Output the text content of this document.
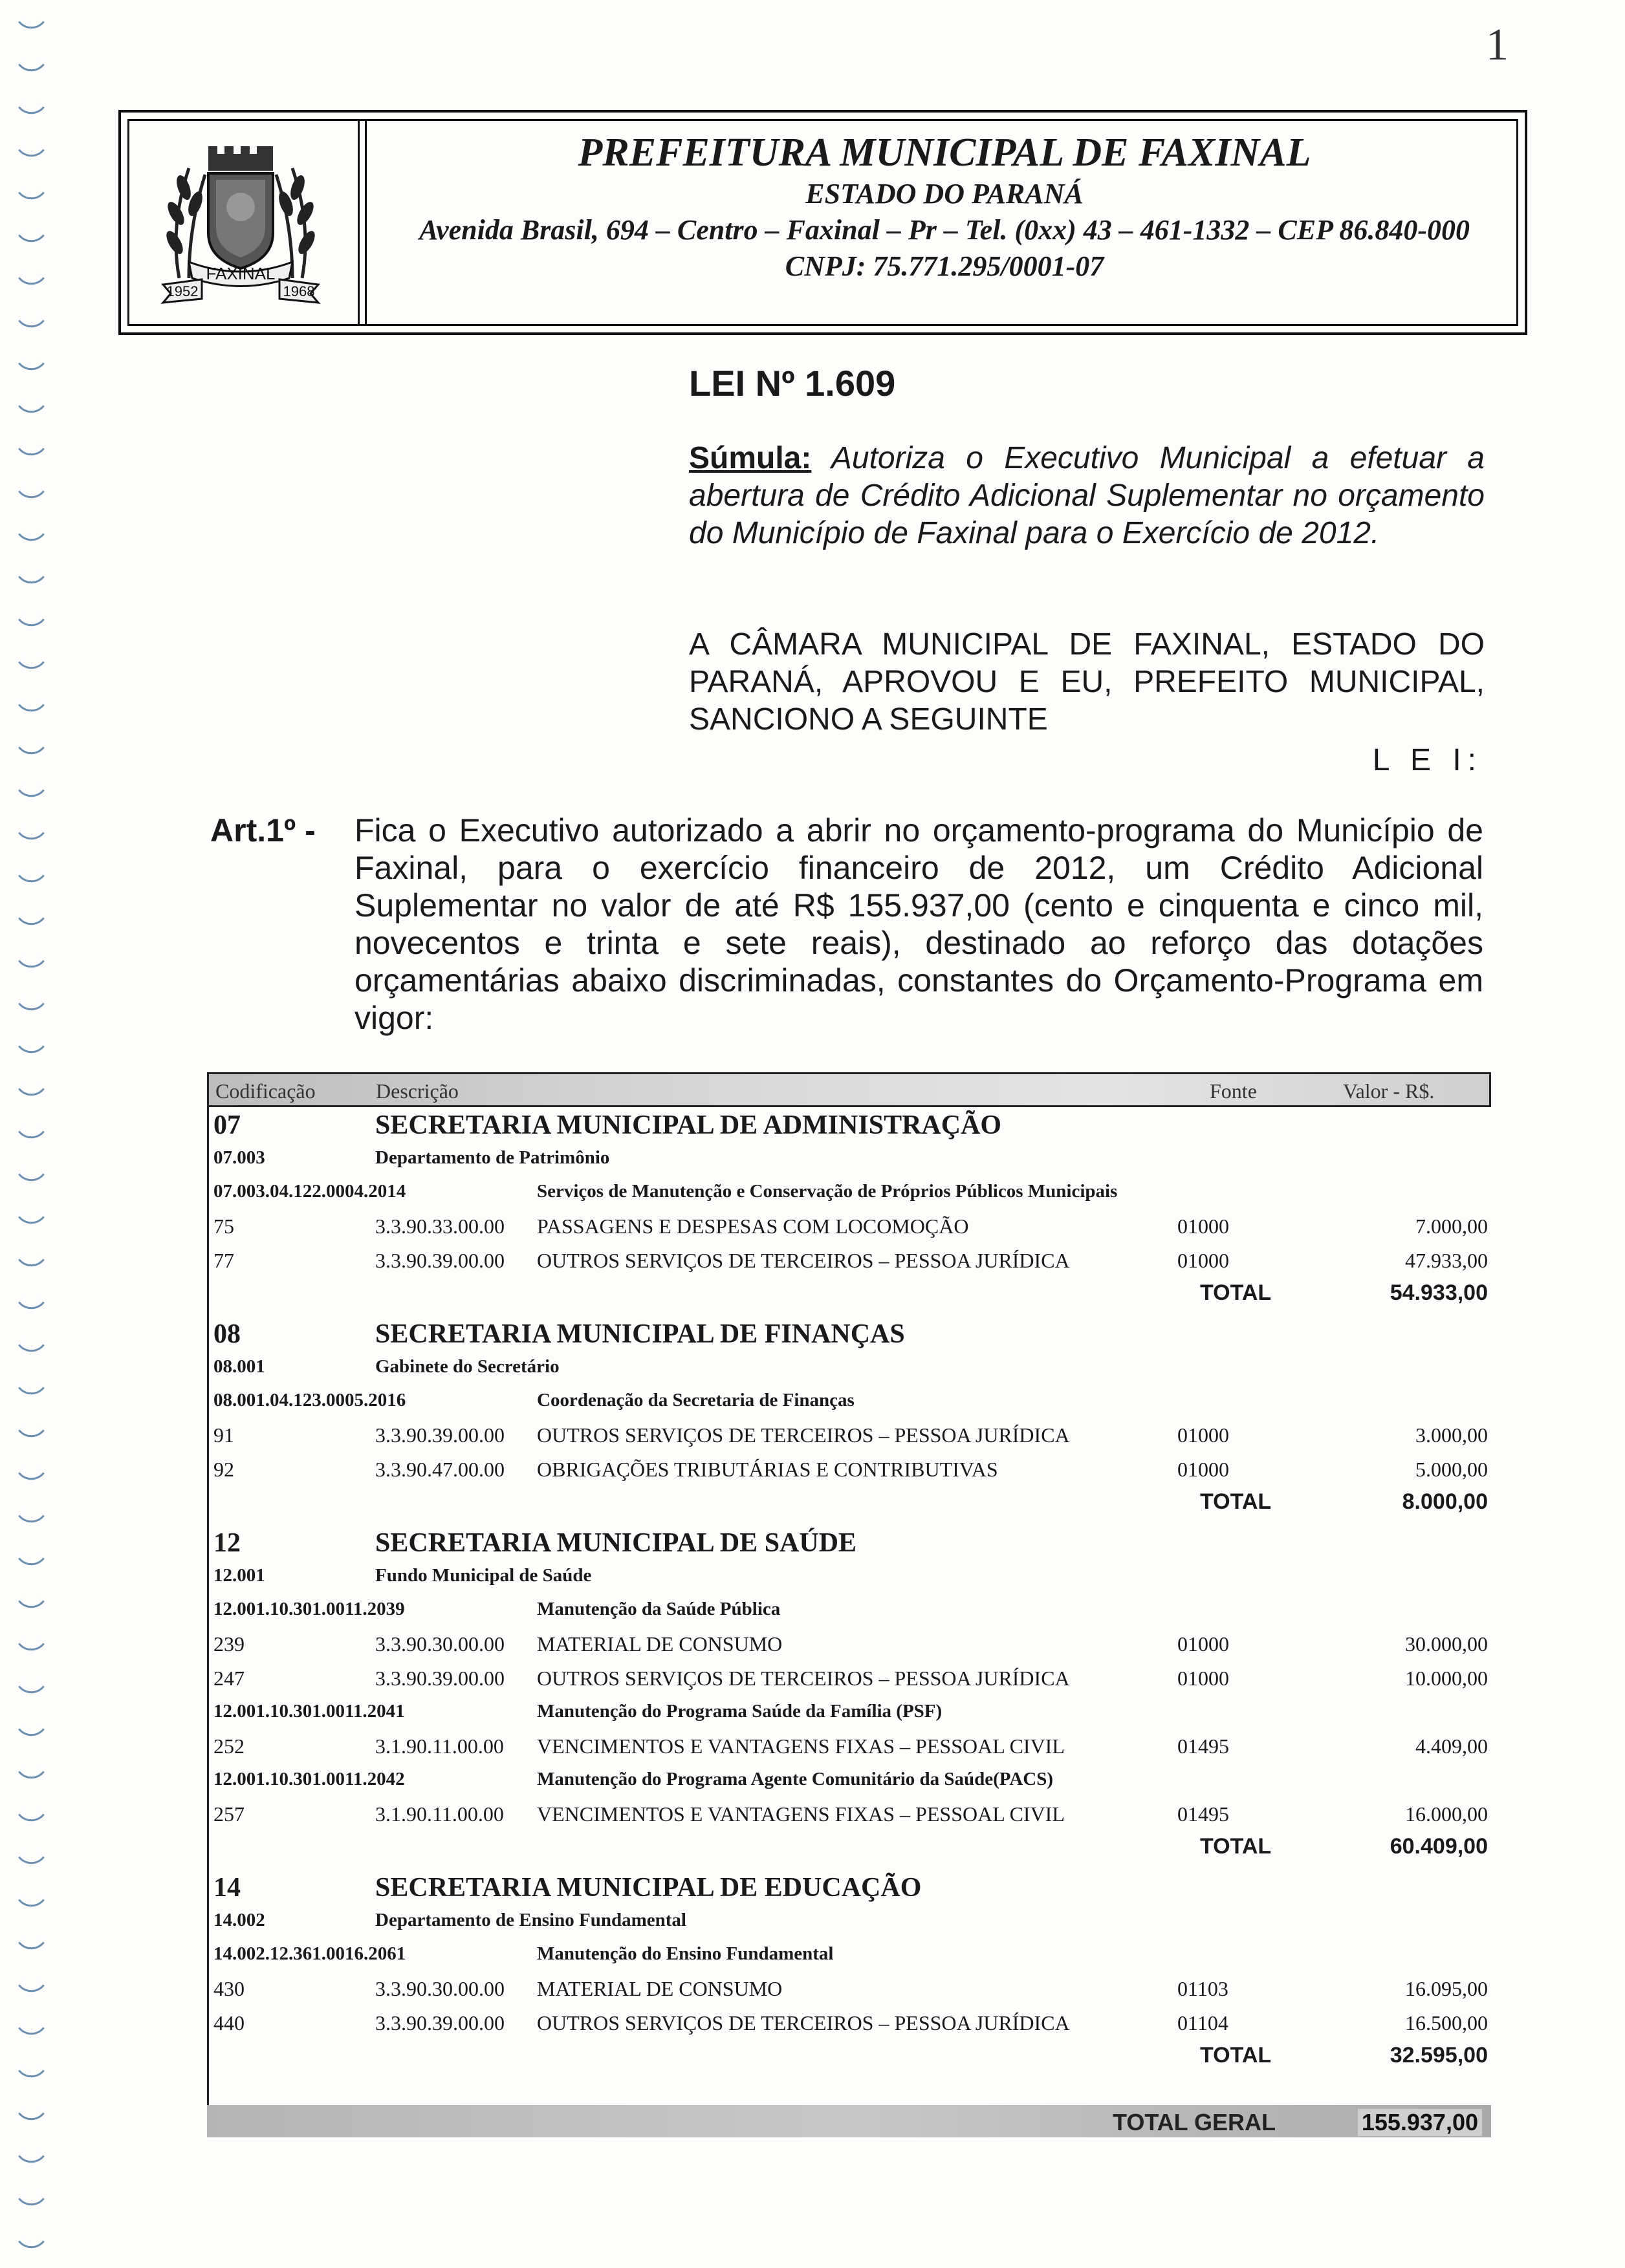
1
FAXINAL
1952	1968
PREFEITURA MUNICIPAL DE FAXINAL
ESTADO DO PARANÁ
Avenida Brasil, 694 – Centro – Faxinal – Pr – Tel. (0xx) 43 – 461-1332 – CEP 86.840-000
CNPJ: 75.771.295/0001-07
LEI Nº 1.609
Súmula: Autoriza o Executivo Municipal a efetuar a abertura de Crédito Adicional Suplementar no orçamento do Município de Faxinal para o Exercício de 2012.
A CÂMARA MUNICIPAL DE FAXINAL, ESTADO DO PARANÁ, APROVOU E EU, PREFEITO MUNICIPAL, SANCIONO A SEGUINTE
L E I:
Art.1º - Fica o Executivo autorizado a abrir no orçamento-programa do Município de Faxinal, para o exercício financeiro de 2012, um Crédito Adicional Suplementar no valor de até R$ 155.937,00 (cento e cinquenta e cinco mil, novecentos e trinta e sete reais), destinado ao reforço das dotações orçamentárias abaixo discriminadas, constantes do Orçamento-Programa em vigor:
Codificação	Descrição	Fonte	Valor - R$.
07	SECRETARIA MUNICIPAL DE ADMINISTRAÇÃO
07.003	Departamento de Patrimônio
07.003.04.122.0004.2014	Serviços de Manutenção e Conservação de Próprios Públicos Municipais
75	3.3.90.33.00.00 PASSAGENS E DESPESAS COM LOCOMOÇÃO	01000	7.000,00
77	3.3.90.39.00.00 OUTROS SERVIÇOS DE TERCEIROS – PESSOA JURÍDICA	01000	47.933,00
TOTAL	54.933,00
08	SECRETARIA MUNICIPAL DE FINANÇAS
08.001	Gabinete do Secretário
08.001.04.123.0005.2016	Coordenação da Secretaria de Finanças
91	3.3.90.39.00.00 OUTROS SERVIÇOS DE TERCEIROS – PESSOA JURÍDICA	01000	3.000,00
92	3.3.90.47.00.00 OBRIGAÇÕES TRIBUTÁRIAS E CONTRIBUTIVAS	01000	5.000,00
TOTAL	8.000,00
12	SECRETARIA MUNICIPAL DE SAÚDE
12.001	Fundo Municipal de Saúde
12.001.10.301.0011.2039	Manutenção da Saúde Pública
239	3.3.90.30.00.00 MATERIAL DE CONSUMO	01000	30.000,00
247	3.3.90.39.00.00 OUTROS SERVIÇOS DE TERCEIROS – PESSOA JURÍDICA	01000	10.000,00
12.001.10.301.0011.2041	Manutenção do Programa Saúde da Família (PSF)
252	3.1.90.11.00.00 VENCIMENTOS E VANTAGENS FIXAS – PESSOAL CIVIL	01495	4.409,00
12.001.10.301.0011.2042	Manutenção do Programa Agente Comunitário da Saúde(PACS)
257	3.1.90.11.00.00 VENCIMENTOS E VANTAGENS FIXAS – PESSOAL CIVIL	01495	16.000,00
TOTAL	60.409,00
14	SECRETARIA MUNICIPAL DE EDUCAÇÃO
14.002	Departamento de Ensino Fundamental
14.002.12.361.0016.2061	Manutenção do Ensino Fundamental
430	3.3.90.30.00.00 MATERIAL DE CONSUMO	01103	16.095,00
440	3.3.90.39.00.00 OUTROS SERVIÇOS DE TERCEIROS – PESSOA JURÍDICA	01104	16.500,00
TOTAL	32.595,00
TOTAL GERAL	155.937,00
